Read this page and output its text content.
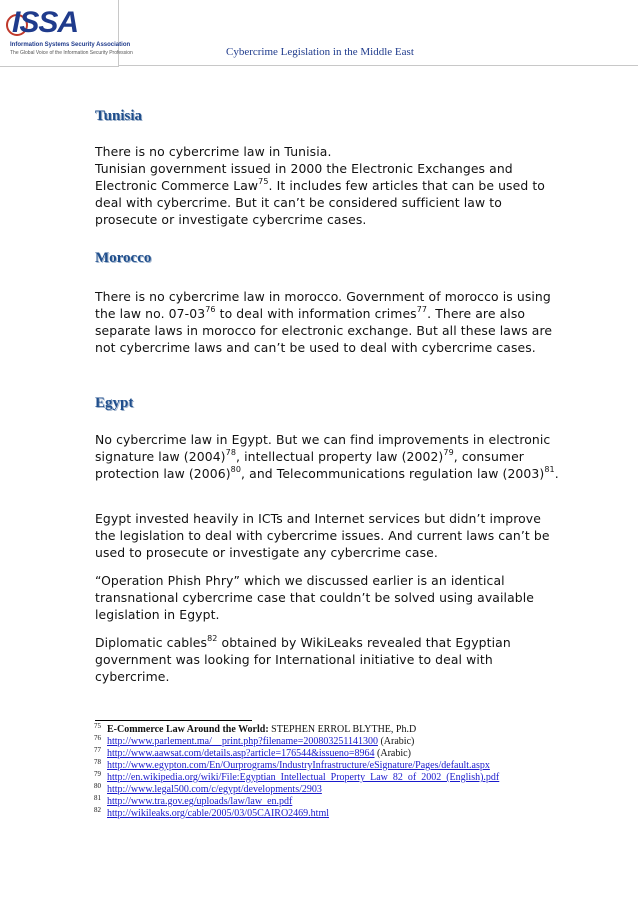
ISSA
Information Systems Security Association
The Global Voice of the Information Security Profession	Cybercrime Legislation in the Middle East
Tunisia

There is no cybercrime law in Tunisia.
Tunisian government issued in 2000 the Electronic Exchanges and Electronic Commerce Law$^{75}$. It includes few articles that can be used to deal with cybercrime. But it can’t be considered sufficient law to prosecute or investigate cybercrime cases.

Morocco

There is no cybercrime law in morocco. Government of morocco is using the law no. $07-03^{76}$ to deal with information crimes$^{77}$. There are also separate laws in morocco for electronic exchange. But all these laws are not cybercrime laws and can’t be used to deal with cybercrime cases.

Egypt

No cybercrime law in Egypt. But we can find improvements in electronic signature law $(2004)^{78}$, intellectual property law $(2002)^{79}$, consumer protection law $(2006)^{80}$, and Telecommunications regulation law $(2003)^{81}$.

Egypt invested heavily in ICTs and Internet services but didn’t improve the legislation to deal with cybercrime issues. And current laws can’t be used to prosecute or investigate any cybercrime case.

“Operation Phish Phry” which we discussed earlier is an identical transnational cybercrime case that couldn’t be solved using available legislation in Egypt.

Diplomatic cables$^{82}$ obtained by WikiLeaks revealed that Egyptian government was looking for International initiative to deal with cybercrime.

75 E-Commerce Law Around the World: STEPHEN ERROL BLYTHE, Ph.D
76 http://www.parlement.ma/__print.php?filename=200803251141300 (Arabic)
77 http://www.aawsat.com/details.asp?article=176544&issueno=8964 (Arabic)
78 http://www.egypton.com/En/Ourprograms/IndustryInfrastructure/eSignature/Pages/default.aspx
79 http://en.wikipedia.org/wiki/File:Egyptian_Intellectual_Property_Law_82_of_2002_(English).pdf
80 http://www.legal500.com/c/egypt/developments/2903
81 http://www.tra.gov.eg/uploads/law/law_en.pdf
82 http://wikileaks.org/cable/2005/03/05CAIRO2469.html
